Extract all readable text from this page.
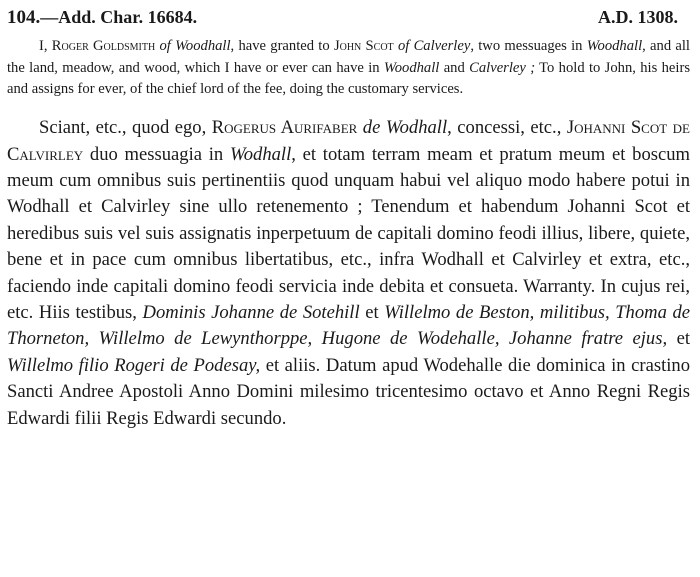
104.—Add. Char. 16684.	A.D. 1308.

I, Roger Goldsmith of Woodhall, have granted to John Scot of Calverley, two messuages in Woodhall, and all the land, meadow, and wood, which I have or ever can have in Woodhall and Calverley ; To hold to John, his heirs and assigns for ever, of the chief lord of the fee, doing the customary services.

Sciant, etc., quod ego, Rogerus Aurifaber de Wodhall, concessi, etc., Johanni Scot de Calvirley duo messuagia in Wodhall, et totam terram meam et pratum meum et boscum meum cum omnibus suis pertinentiis quod unquam habui vel aliquo modo habere potui in Wodhall et Calvirley sine ullo retenemento ; Tenendum et habendum Johanni Scot et heredibus suis vel suis assignatis inperpetuum de capitali domino feodi illius, libere, quiete, bene et in pace cum omnibus libertatibus, etc., infra Wodhall et Calvirley et extra, etc., faciendo inde capitali domino feodi servicia inde debita et consueta. Warranty. In cujus rei, etc. Hiis testibus, Dominis Johanne de Sotehill et Willelmo de Beston, militibus, Thoma de Thorneton, Willelmo de Lewynthorppe, Hugone de Wodehalle, Johanne fratre ejus, et Willelmo filio Rogeri de Podesay, et aliis. Datum apud Wodehalle die dominica in crastino Sancti Andree Apostoli Anno Domini milesimo tricentesimo octavo et Anno Regni Regis Edwardi filii Regis Edwardi secundo.
